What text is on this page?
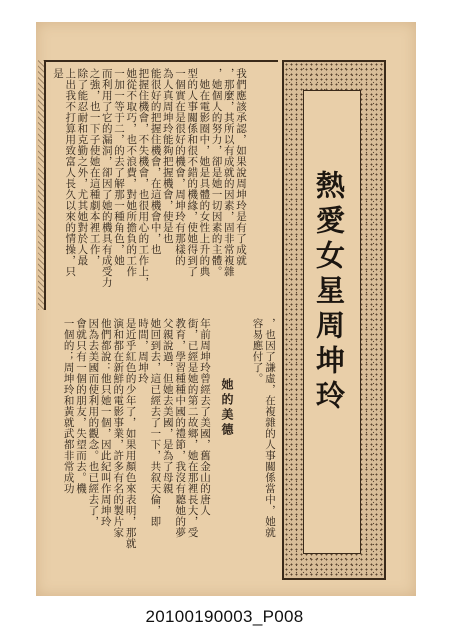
我們應該承認，如果說周坤玲是有了成就
，那麼，其所以有成就的因素，固非常複雜
，她個人的努力，卻是她一切因素的主體。
　她在電影圈中，她是具體的女性上升的典
型的人事關係和很不錯的機緣，使她得到了
一個實在是很好的機會，周坤玲有那樣的
為人真周坤玲能夠把握機會，使是也
能很好的把握住機會，在這機會中，也
把握住機會，不失機會，也很用心的工作上，
她從不取巧，也不浪費，對她所擔負的工作
一加一等于二，的去了解那一種角色，她
而利用了它的漏洞，卻因了她的機具有成受力
之強，也一下子使她在這種劇本裡工作，
除了能忍耐和克勤之外，尤其她對於人最
上出我不打算用致富人長久以來的情操，只
是
，也因了謙虛，在複雜的人事關係當中，她就
容易應付了。
她的美德
年前周坤玲曾經去了美國，舊金山的唐人
街，已經是她的第二故鄉，她在那裡長大，受
教育，學習種種中國的禮節，我沒有聽她的夢
父親說過，但她去美國，是為了母親
她回到去，這已經去了一下，共叙天倫，即
時間，周坤玲
是近乎紅色的少年了，如果用顏色來表明，那就
演和都在新鮮的電影事業，許多有名的製片家
他們都說：他只她一個，因此紀叫作周坤玲
因為去美國而使利用的觀念。也已經去了，
會就只有一個的朋友，失望而去。機
一個的；周坤玲和黃就武都非常成功	熱愛女星周坤玲
20100190003_P008
